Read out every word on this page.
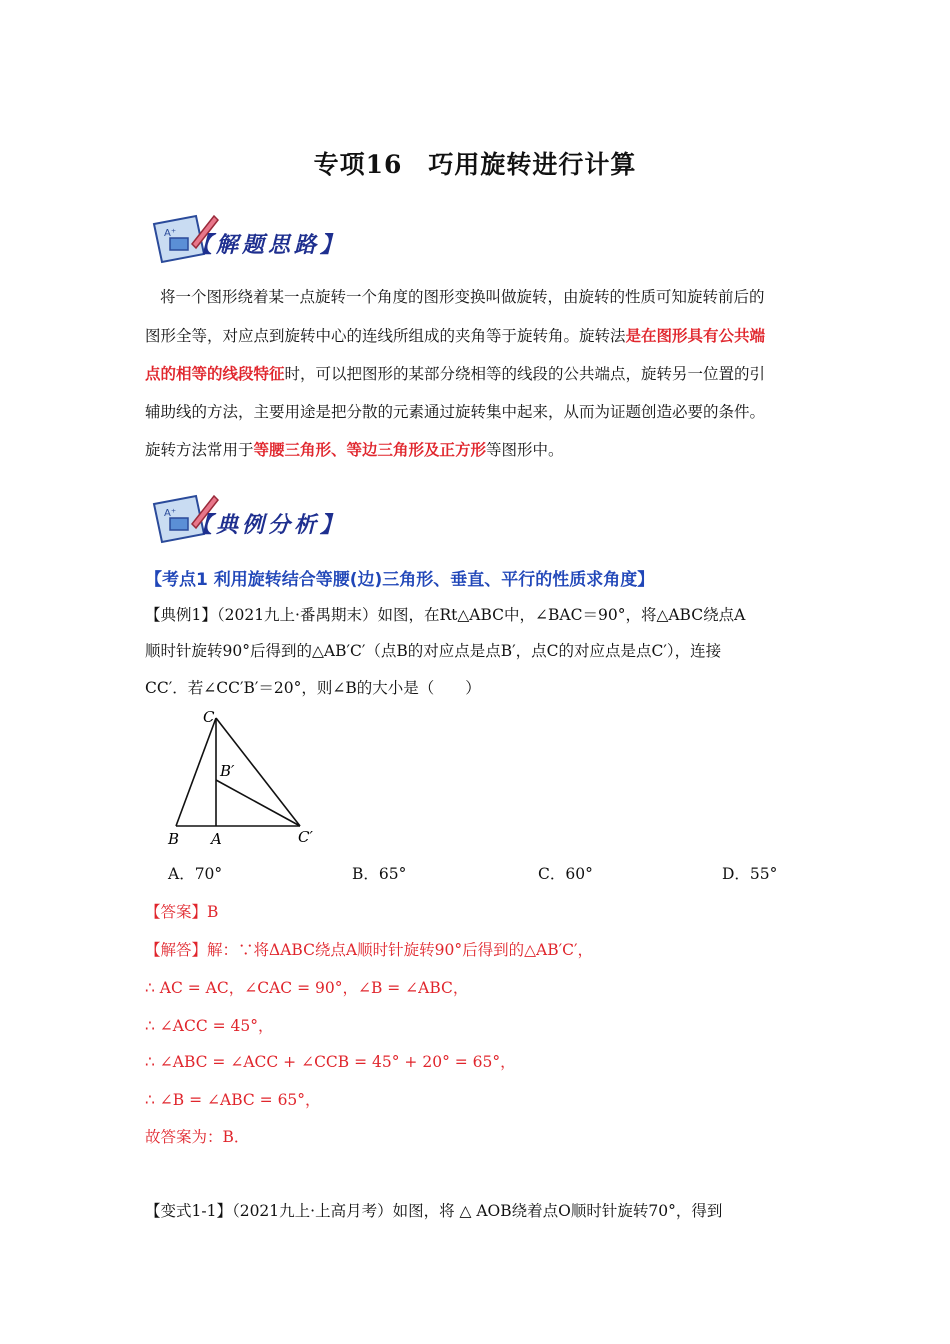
专项16　巧用旋转进行计算
A⁺ 【解题思路】
将一个图形绕着某一点旋转一个角度的图形变换叫做旋转，由旋转的性质可知旋转前后的
图形全等，对应点到旋转中心的连线所组成的夹角等于旋转角。旋转法是在图形具有公共端
点的相等的线段特征时，可以把图形的某部分绕相等的线段的公共端点，旋转另一位置的引
辅助线的方法，主要用途是把分散的元素通过旋转集中起来，从而为证题创造必要的条件。
旋转方法常用于等腰三角形、等边三角形及正方形等图形中。
A⁺ 【典例分析】
【考点1 利用旋转结合等腰(边)三角形、垂直、平行的性质求角度】
【典例1】（2021九上·番禺期末）如图，在Rt△ABC中，∠BAC＝90°，将△ABC绕点A
顺时针旋转90°后得到的△AB′C′（点B的对应点是点B′，点C的对应点是点C′），连接
CC′．若∠CC′B′＝20°，则∠B的大小是（　　）
C
B′
B A	C′
A．70°	B．65°	C．60°	D．55°
【答案】B
【解答】解：∵将ΔABC绕点A顺时针旋转90°后得到的△AB′C′，
∴ AC = AC，∠CAC = 90°，∠B = ∠ABC，
∴ ∠ACC = 45°，
∴ ∠ABC = ∠ACC + ∠CCB = 45° + 20° = 65°，
∴ ∠B = ∠ABC = 65°，
故答案为：B．
【变式1-1】（2021九上·上高月考）如图，将 △ AOB绕着点O顺时针旋转70°，得到
